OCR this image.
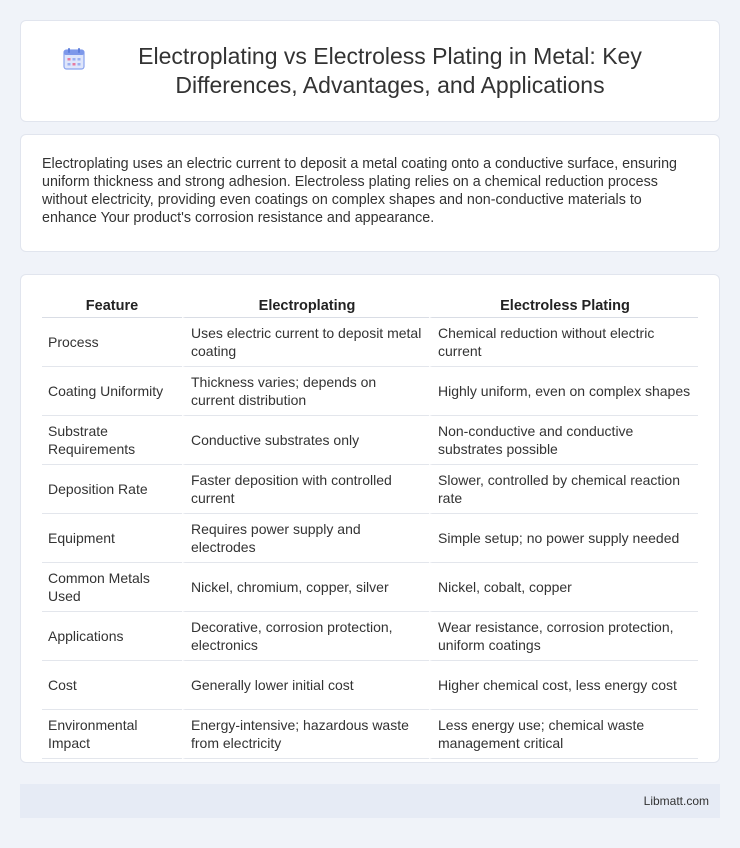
Electroplating vs Electroless Plating in Metal: Key Differences, Advantages, and Applications

Electroplating uses an electric current to deposit a metal coating onto a conductive surface, ensuring uniform thickness and strong adhesion. Electroless plating relies on a chemical reduction process without electricity, providing even coatings on complex shapes and non-conductive materials to enhance Your product's corrosion resistance and appearance.

Feature	Electroplating	Electroless Plating
Process	Uses electric current to deposit metal coating	Chemical reduction without electric current
Coating Uniformity	Thickness varies; depends on current distribution	Highly uniform, even on complex shapes
Substrate Requirements	Conductive substrates only	Non-conductive and conductive substrates possible
Deposition Rate	Faster deposition with controlled current	Slower, controlled by chemical reaction rate
Equipment	Requires power supply and electrodes	Simple setup; no power supply needed
Common Metals Used	Nickel, chromium, copper, silver	Nickel, cobalt, copper
Applications	Decorative, corrosion protection, electronics	Wear resistance, corrosion protection, uniform coatings
Cost	Generally lower initial cost	Higher chemical cost, less energy cost
Environmental Impact	Energy-intensive; hazardous waste from electricity	Less energy use; chemical waste management critical
Libmatt.com
